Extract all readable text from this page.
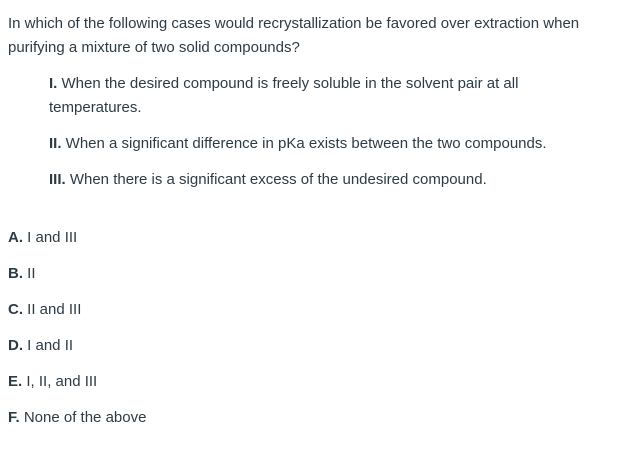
In which of the following cases would recrystallization be favored over extraction when purifying a mixture of two solid compounds?

I. When the desired compound is freely soluble in the solvent pair at all temperatures.

II. When a significant difference in pKa exists between the two compounds.

III. When there is a significant excess of the undesired compound.

A. I and III

B. II

C. II and III

D. I and II

E. I, II, and III

F. None of the above
